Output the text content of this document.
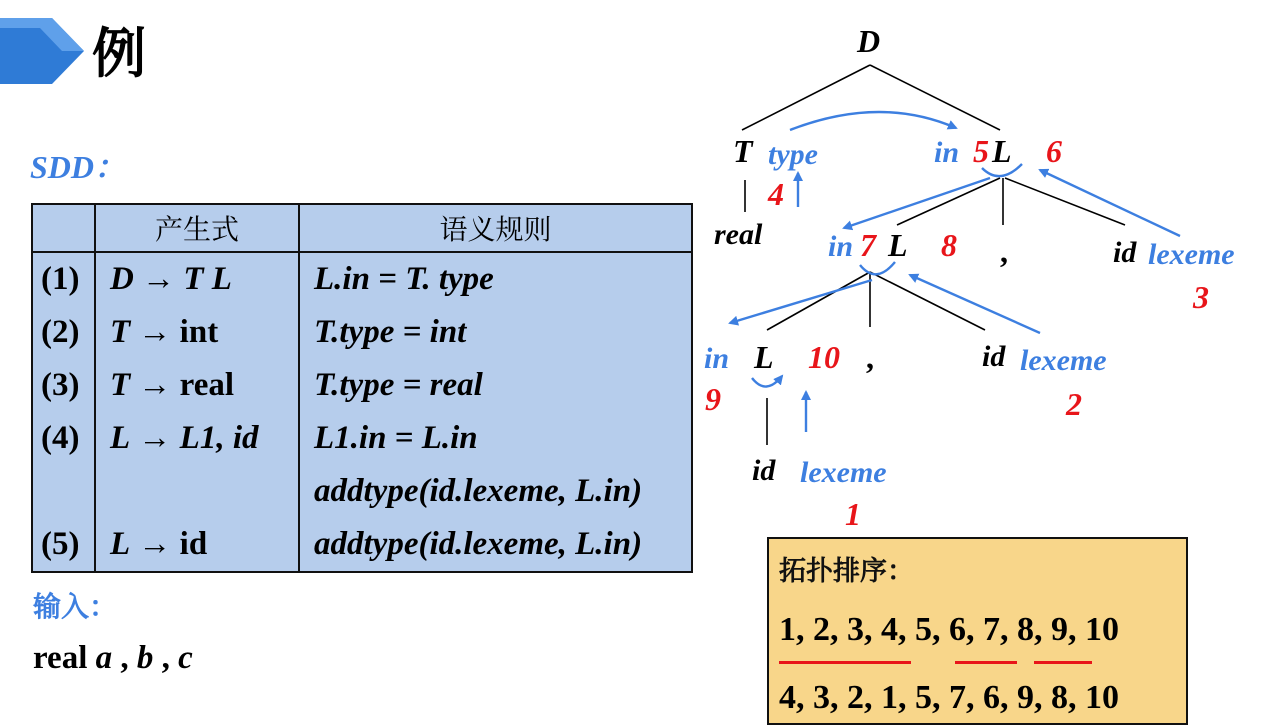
例
SDD：
	产生式	语义规则
(1)	D → T L	L.in = T. type
(2)	T → int	T.type = int
(3)	T → real	T.type = real
(4)	L → L1, id	L1.in = L.in
		addtype(id.lexeme, L.in)
(5)	L → id	addtype(id.lexeme, L.in)
输入：
real a , b , c
D
T type
real
in L
in L	,	id lexeme
in L	,	id lexeme
id lexeme
1
2
3
4
5 6
7 8
9
10
拓扑排序：
1, 2, 3, 4, 5, 6, 7, 8, 9, 10
4, 3, 2, 1, 5, 7, 6, 9, 8, 10
